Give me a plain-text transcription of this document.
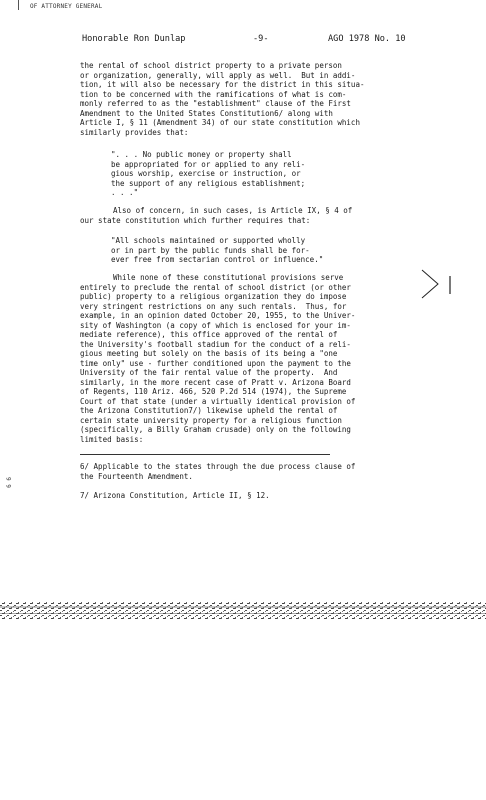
OF ATTORNEY GENERAL
Honorable Ron Dunlap	-9-	AGO 1978 No. 10
the rental of school district property to a private person
or organization, generally, will apply as well.  But in addi-
tion, it will also be necessary for the district in this situa-
tion to be concerned with the ramifications of what is com-
monly referred to as the "establishment" clause of the First
Amendment to the United States Constitution6/ along with
Article I, § 11 (Amendment 34) of our state constitution which
similarly provides that:
". . . No public money or property shall
be appropriated for or applied to any reli-
gious worship, exercise or instruction, or
the support of any religious establishment;
. . ."
Also of concern, in such cases, is Article IX, § 4 of
our state constitution which further requires that:
"All schools maintained or supported wholly
or in part by the public funds shall be for-
ever free from sectarian control or influence."
While none of these constitutional provisions serve
entirely to preclude the rental of school district (or other
public) property to a religious organization they do impose
very stringent restrictions on any such rentals.  Thus, for
example, in an opinion dated October 20, 1955, to the Univer-
sity of Washington (a copy of which is enclosed for your im-
mediate reference), this office approved of the rental of
the University's football stadium for the conduct of a reli-
gious meeting but solely on the basis of its being a "one
time only" use - further conditioned upon the payment to the
University of the fair rental value of the property.  And
similarly, in the more recent case of Pratt v. Arizona Board
of Regents, 110 Ariz. 466, 520 P.2d 514 (1974), the Supreme
Court of that state (under a virtually identical provision of
the Arizona Constitution7/) likewise upheld the rental of
certain state university property for a religious function
(specifically, a Billy Graham crusade) only on the following
limited basis:
6/ Applicable to the states through the due process clause of
the Fourteenth Amendment.
7/ Arizona Constitution, Article II, § 12.
6 6
